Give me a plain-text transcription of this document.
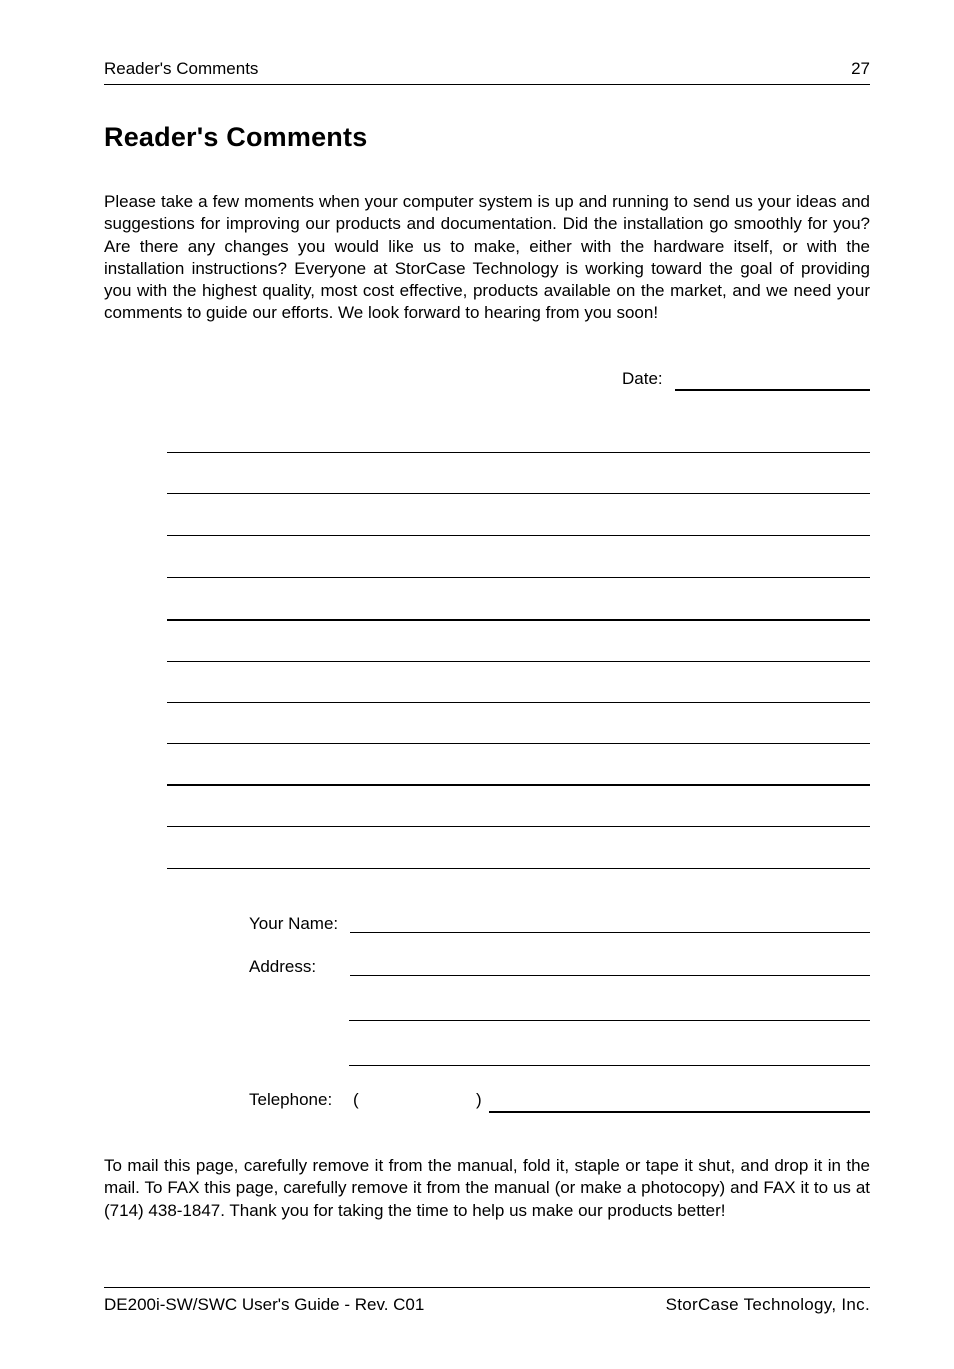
Reader's Comments	27
Reader's Comments

Please take a few moments when your computer system is up and running to send us your ideas and suggestions for improving our products and documentation. Did the installation go smoothly for you? Are there any changes you would like us to make, either with the hardware itself, or with the installation instructions? Everyone at StorCase Technology is working toward the goal of providing you with the highest quality, most cost effective, products available on the market, and we need your comments to guide our efforts. We look forward to hearing from you soon!

Date:
Your Name:
Address:
Telephone: (	)

To mail this page, carefully remove it from the manual, fold it, staple or tape it shut, and drop it in the mail. To FAX this page, carefully remove it from the manual (or make a photocopy) and FAX it to us at (714) 438-1847. Thank you for taking the time to help us make our products better!

DE200i-SW/SWC User's Guide - Rev. C01	StorCase Technology, Inc.
